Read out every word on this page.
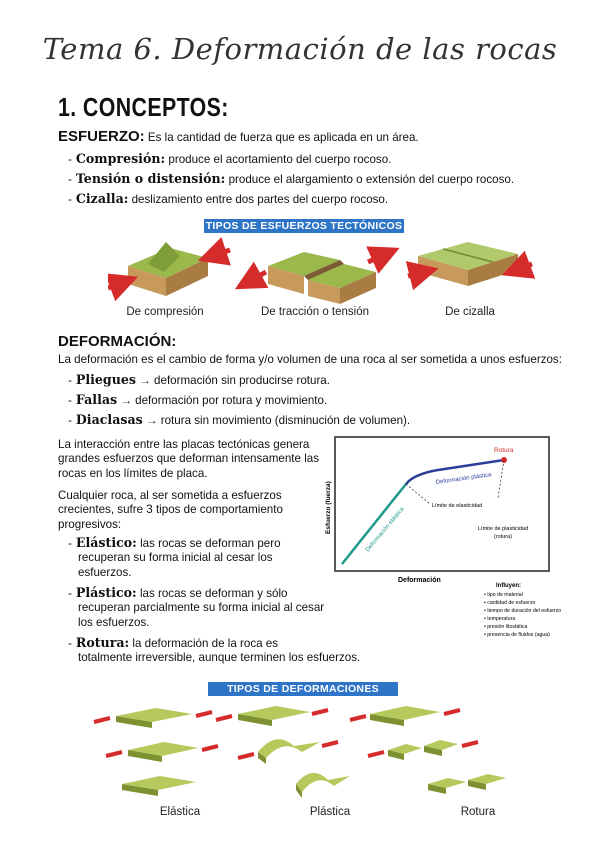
Tema 6. Deformación de las rocas
1. CONCEPTOS:
ESFUERZO: Es la cantidad de fuerza que es aplicada en un área.
- Compresión: produce el acortamiento del cuerpo rocoso.
- Tensión o distensión: produce el alargamiento o extensión del cuerpo rocoso.
- Cizalla: deslizamiento entre dos partes del cuerpo rocoso.
TIPOS DE ESFUERZOS TECTÓNICOS
De compresión	De tracción o tensión	De cizalla
DEFORMACIÓN:
La deformación es el cambio de forma y/o volumen de una roca al ser sometida a unos esfuerzos:
- Pliegues → deformación sin producirse rotura.
- Fallas → deformación por rotura y movimiento.
- Diaclasas → rotura sin movimiento (disminución de volumen).
La interacción entre las placas tectónicas genera
grandes esfuerzos que deforman intensamente las
rocas en los límites de placa.
Cualquier roca, al ser sometida a esfuerzos
crecientes, sufre 3 tipos de comportamiento
progresivos:
- Elástico: las rocas se deforman pero
recuperan su forma inicial al cesar los
esfuerzos.
- Plástico: las rocas se deforman y sólo
recuperan parcialmente su forma inicial al cesar
los esfuerzos.
- Rotura: la deformación de la roca es
totalmente irreversible, aunque terminen los esfuerzos.
Esfuerzo (fuerza)
Deformación
Rotura
Deformación plástica
Deformación elástica
Límite de elasticidad
Límite de plasticidad
(rotura)
Influyen:
• tipo de material
• cantidad de esfuerzo
• tiempo de duración del esfuerzo
• temperatura
• presión litostática
• presencia de fluidos (agua)
TIPOS DE DEFORMACIONES
Elástica	Plástica	Rotura
